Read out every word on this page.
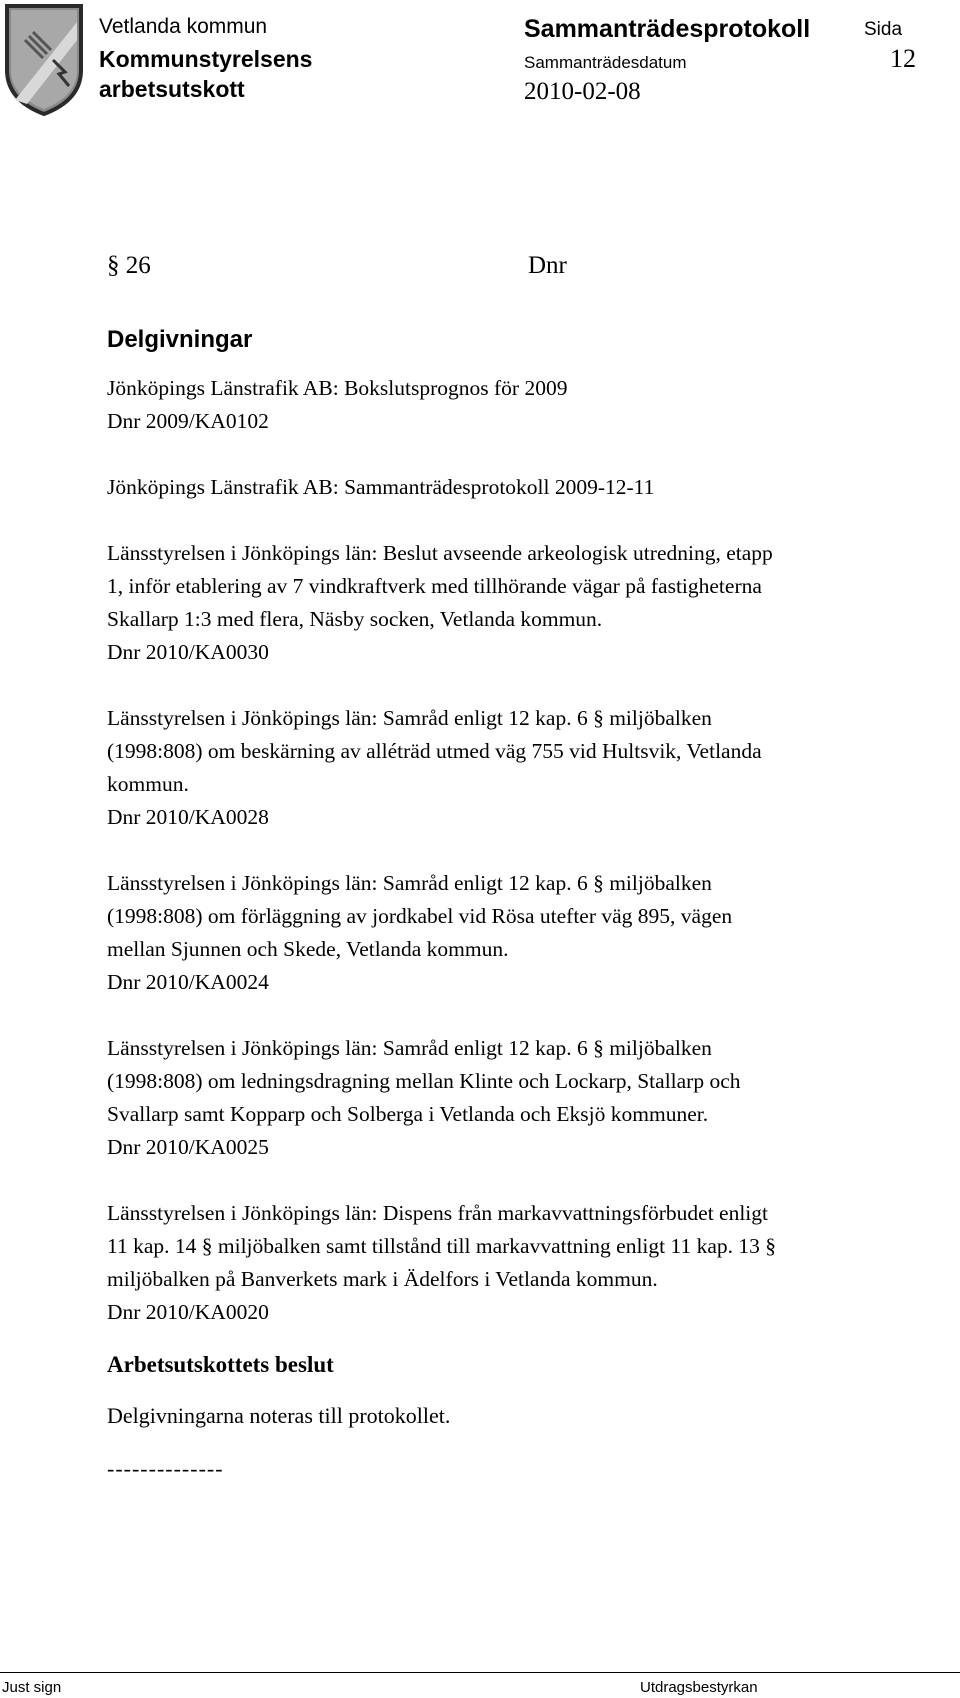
Vetlanda kommun
Kommunstyrelsens
arbetsutskott
Sammanträdesprotokoll	Sida
Sammanträdesdatum	12
2010-02-08
§ 26	Dnr
Delgivningar

Jönköpings Länstrafik AB: Bokslutsprognos för 2009

Dnr 2009/KA0102

Jönköpings Länstrafik AB: Sammanträdesprotokoll 2009-12-11

Länsstyrelsen i Jönköpings län: Beslut avseende arkeologisk utredning, etapp

1, inför etablering av 7 vindkraftverk med tillhörande vägar på fastigheterna

Skallarp 1:3 med flera, Näsby socken, Vetlanda kommun.

Dnr 2010/KA0030

Länsstyrelsen i Jönköpings län: Samråd enligt 12 kap. 6 § miljöbalken

(1998:808) om beskärning av alléträd utmed väg 755 vid Hultsvik, Vetlanda

kommun.

Dnr 2010/KA0028

Länsstyrelsen i Jönköpings län: Samråd enligt 12 kap. 6 § miljöbalken

(1998:808) om förläggning av jordkabel vid Rösa utefter väg 895, vägen

mellan Sjunnen och Skede, Vetlanda kommun.

Dnr 2010/KA0024

Länsstyrelsen i Jönköpings län: Samråd enligt 12 kap. 6 § miljöbalken

(1998:808) om ledningsdragning mellan Klinte och Lockarp, Stallarp och

Svallarp samt Kopparp och Solberga i Vetlanda och Eksjö kommuner.

Dnr 2010/KA0025

Länsstyrelsen i Jönköpings län: Dispens från markavvattningsförbudet enligt

11 kap. 14 § miljöbalken samt tillstånd till markavvattning enligt 11 kap. 13 §

miljöbalken på Banverkets mark i Ädelfors i Vetlanda kommun.

Dnr 2010/KA0020

Arbetsutskottets beslut
Delgivningarna noteras till protokollet.
--------------
Just sign	Utdragsbestyrkan
